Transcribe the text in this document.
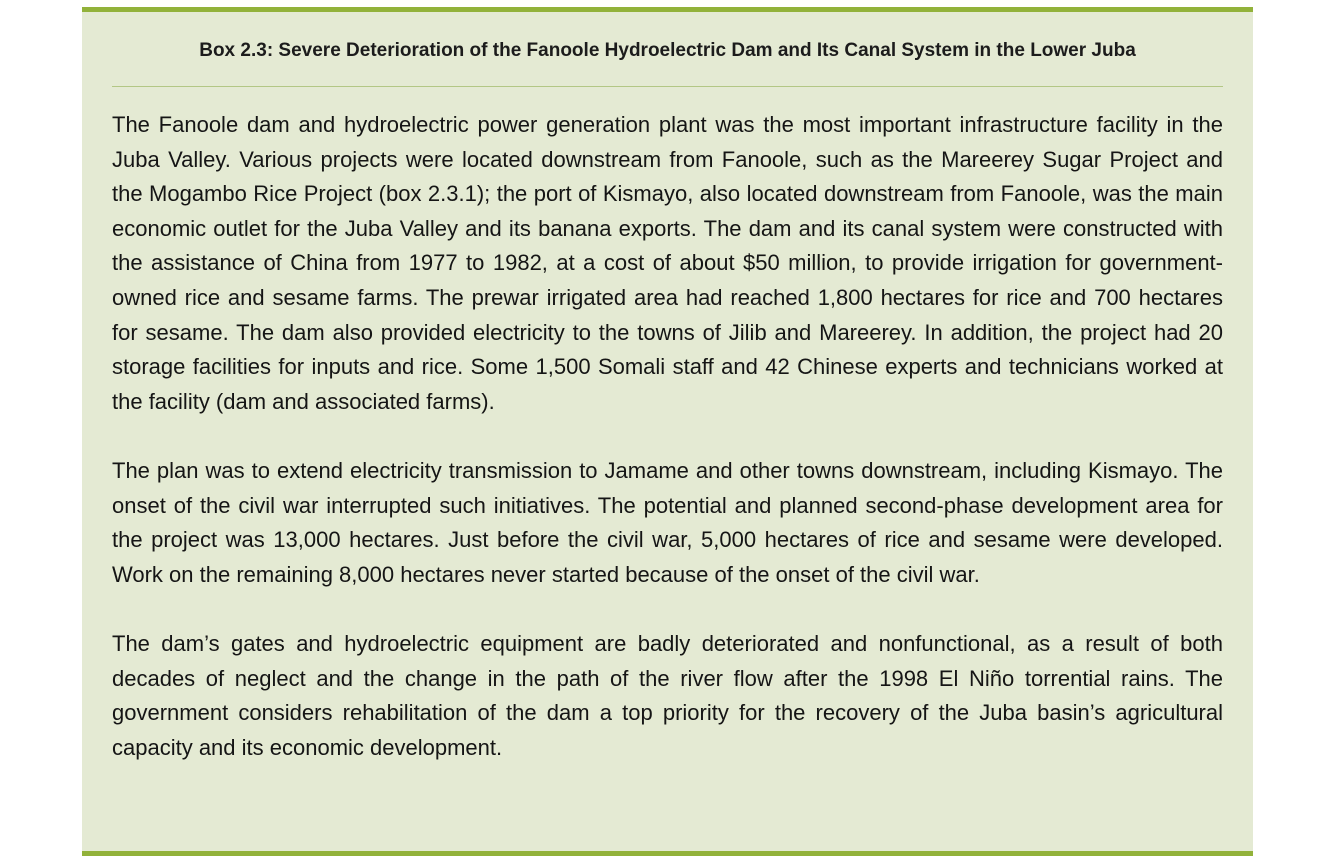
Box 2.3: Severe Deterioration of the Fanoole Hydroelectric Dam and Its Canal System in the Lower Juba

The Fanoole dam and hydroelectric power generation plant was the most important infrastructure facility in the Juba Valley. Various projects were located downstream from Fanoole, such as the Mareerey Sugar Project and the Mogambo Rice Project (box 2.3.1); the port of Kismayo, also located downstream from Fanoole, was the main economic outlet for the Juba Valley and its banana exports. The dam and its canal system were constructed with the assistance of China from 1977 to 1982, at a cost of about $50 million, to provide irrigation for government-owned rice and sesame farms. The prewar irrigated area had reached 1,800 hectares for rice and 700 hectares for sesame. The dam also provided electricity to the towns of Jilib and Mareerey. In addition, the project had 20 storage facilities for inputs and rice. Some 1,500 Somali staff and 42 Chinese experts and technicians worked at the facility (dam and associated farms).

The plan was to extend electricity transmission to Jamame and other towns downstream, including Kismayo. The onset of the civil war interrupted such initiatives. The potential and planned second-phase development area for the project was 13,000 hectares. Just before the civil war, 5,000 hectares of rice and sesame were developed. Work on the remaining 8,000 hectares never started because of the onset of the civil war.

The dam’s gates and hydroelectric equipment are badly deteriorated and nonfunctional, as a result of both decades of neglect and the change in the path of the river flow after the 1998 El Niño torrential rains. The government considers rehabilitation of the dam a top priority for the recovery of the Juba basin’s agricultural capacity and its economic development.
